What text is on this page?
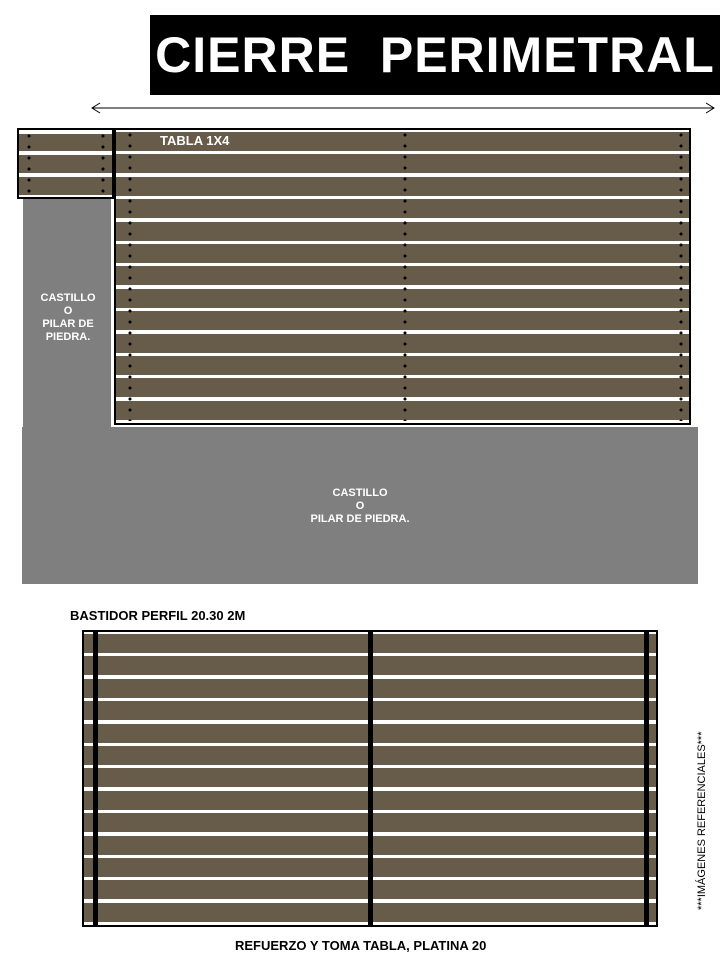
CIERRE  PERIMETRAL
CASTILLO
O
PILAR DE
PIEDRA.
CASTILLO
O
PILAR DE PIEDRA.
TABLA 1X4
BASTIDOR PERFIL 20.30 2M
REFUERZO Y TOMA TABLA, PLATINA 20
***IMÁGENES REFERENCIALES***
